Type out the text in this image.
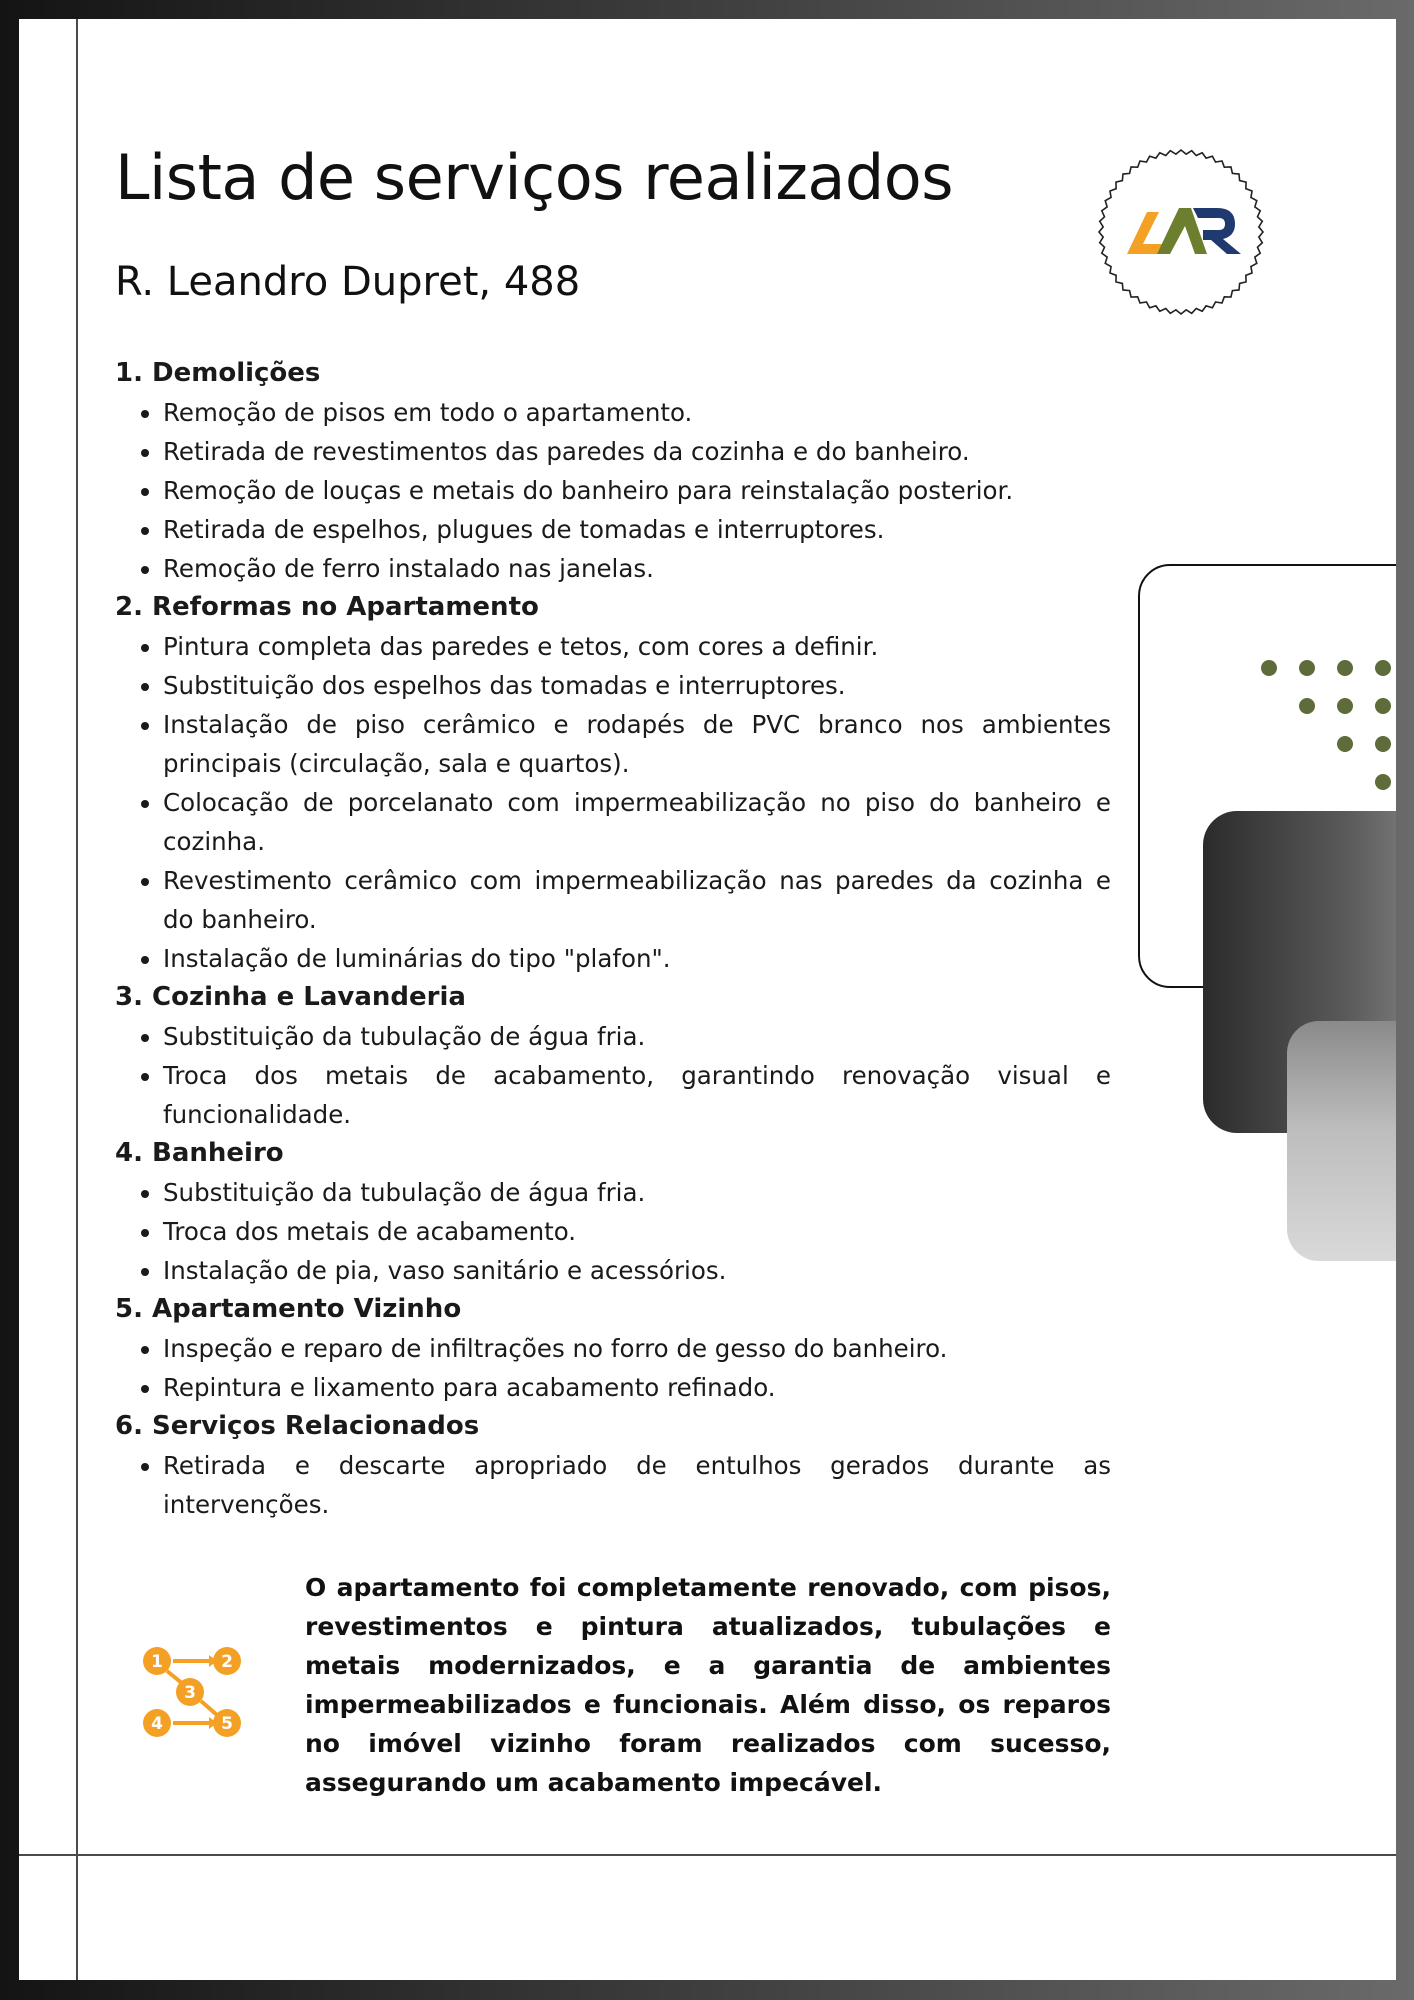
Lista de serviços realizados
R. Leandro Dupret, 488

1. Demolições

• Remoção de pisos em todo o apartamento.
• Retirada de revestimentos das paredes da cozinha e do banheiro.
• Remoção de louças e metais do banheiro para reinstalação posterior.
• Retirada de espelhos, plugues de tomadas e interruptores.
• Remoção de ferro instalado nas janelas.

2. Reformas no Apartamento

• Pintura completa das paredes e tetos, com cores a definir.
• Substituição dos espelhos das tomadas e interruptores.
• Instalação de piso cerâmico e rodapés de PVC branco nos ambientes principais (circulação, sala e quartos).
• Colocação de porcelanato com impermeabilização no piso do banheiro e cozinha.
• Revestimento cerâmico com impermeabilização nas paredes da cozinha e do banheiro.
• Instalação de luminárias do tipo "plafon".

3. Cozinha e Lavanderia

• Substituição da tubulação de água fria.
• Troca dos metais de acabamento, garantindo renovação visual e funcionalidade.

4. Banheiro

• Substituição da tubulação de água fria.
• Troca dos metais de acabamento.
• Instalação de pia, vaso sanitário e acessórios.

5. Apartamento Vizinho

• Inspeção e reparo de infiltrações no forro de gesso do banheiro.
• Repintura e lixamento para acabamento refinado.

6. Serviços Relacionados

• Retirada e descarte apropriado de entulhos gerados durante as intervenções.
1	2
3
4	5

O apartamento foi completamente renovado, com pisos, revestimentos e pintura atualizados, tubulações e metais modernizados, e a garantia de ambientes impermeabilizados e funcionais. Além disso, os reparos no imóvel vizinho foram realizados com sucesso, assegurando um acabamento impecável.
